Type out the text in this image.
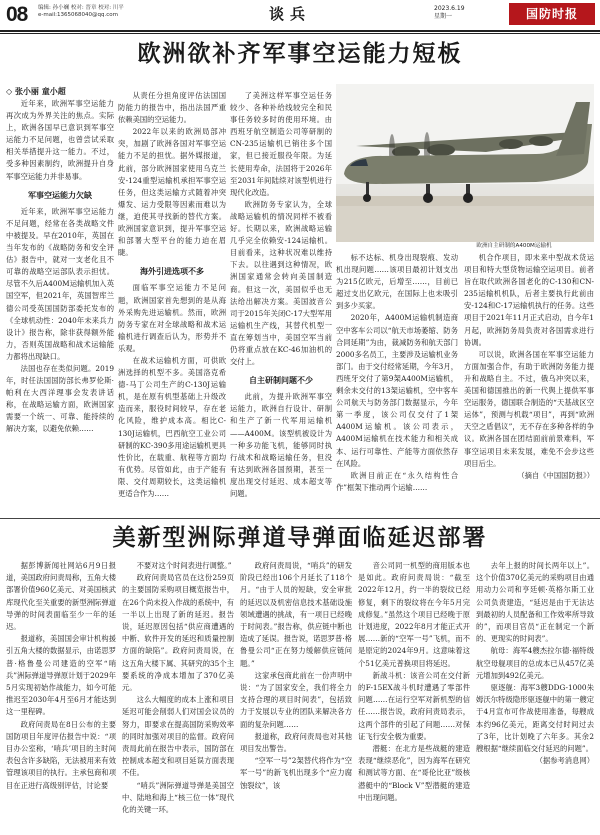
08 编辑: 孙小斓 校对: 晋章 校对: 川平
e-mail:1365068040@qq.com	谈兵	2023.6.19
星期一	国防时报
欧洲欲补齐军事空运能力短板

◇ 张小丽 童小超

近年来，欧洲军事空运能力再次成为外界关注的焦点。实际上，欧洲各国早已意识到军事空运能力不足问题，也曾尝试采取相关举措提升这一能力。不过，受多种因素制约，欧洲提升自身军事空运能力并非易事。

军事空运能力欠缺

近年来，欧洲军事空运能力不足问题，经常在各类战略文件中被提及。早在2010年，英国在当年发布的《战略防务和安全评估》报告中，就对一支老化且不可靠的战略空运部队表示担忧。尽管不久后A400M运输机加入英国空军，但2021年，英国智库兰德公司受英国国防部委托发布的《全球机动性：2040年未来兵力设计》报告称，除非获得额外能力，否则英国战略和战术运输能力都将出现缺口。

法国也存在类似问题。2019年，时任法国国防部长弗罗伦斯·帕利在大西洋理事会发表讲话称，在战略运输方面，欧洲国家需要一个统一、可靠、能持续的解决方案，以避免依赖……

从责任分担角度评估法国国防能力的报告中，指出法国严重依赖美国的空运能力。

2022年以来的欧洲局部冲突，加剧了欧洲各国对军事空运能力不足的担忧。据外媒报道，此前，部分欧洲国家使用乌克兰安-124重型运输机承担军事空运任务，但这类运输方式随着冲突爆发、运力受限等因素而难以为继，迫使其寻找新的替代方案。欧洲国家意识到，提升军事空运和部署大型平台的能力迫在眉睫。

海外引进选项不多

面临军事空运能力不足问题，欧洲国家首先想到的是从海外采购先进运输机。然而，欧洲防务专家在对全球战略和战术运输机进行调查后认为，形势并不乐观。

在战术运输机方面，可供欧洲选择的机型不多。美国洛克希德-马丁公司生产的C-130J运输机，是在原有机型基础上升级改造而来，服役时间较早，存在老化风险，维护成本高。相比C-130J运输机，巴西航空工业公司研制的KC-390多用途运输机更具性价比，在载重、航程等方面均有优势。尽管如此，由于产能有限、交付周期较长，这类运输机更适合作为……

了美洲这样军事空运任务较少、各种补给线较完全和民事任务较多时的使用环境。由西班牙航空制造公司等研制的CN-235运输机已销往多个国家，但已接近服役年限。为延长使用寿命，法国将于2026年至2031年间陆续对该型机进行现代化改造。

欧洲防务专家认为，全球战略运输机的情况同样不被看好。长期以来，欧洲战略运输几乎完全依赖安-124运输机。目前看来，这种状况难以维持下去。以往遇到这种情况，欧洲国家通常会转向美国制造商。但这一次，美国似乎也无法给出解决方案。美国波音公司于2015年关闭C-17大型军用运输机生产线，其替代机型一直在筹划当中，美国空军当前仍将重点放在KC-46加油机的交付上。

自主研制问题不少

此前，为提升欧洲军事空运能力，欧洲自行设计、研制和生产了新一代军用运输机——A400M。该型机被设计为一种多功能飞机，能够同时执行战术和战略运输任务，但没有达到欧洲各国预期，甚至一度出现交付延迟、成本超支等问题。

欧洲自主研制的A400M运输机

标不达标、机身出现裂痕、发动机出现问题……该项目最初计划支出为215亿欧元，后增至……，目前已超过支出亿欧元，在国际上也未吸引到多少买家。

2020年，A400M运输机制造商空中客车公司以“航天市场萎缩、防务合同延期”为由，裁减防务和航天部门2000多名员工，主要涉及运输机业务部门。由于交付经常延期，今年3月，西班牙交付了第9架A400M运输机，剩余未交付的13架运输机，空中客车公司航天与防务部门数据显示，今年第一季度，该公司仅交付了1架A400M运输机。该公司表示，A400M运输机在技术能力和相关成本、运行可靠性、产能等方面依然存在风险。

欧洲目前正在“永久结构性合作”框架下推动两个运输……

机合作项目，即未来中型战术货运项目和特大型货物运输空运项目。前者旨在取代欧洲各国老化的C-130和CN-235运输机机队，后者主要执行此前由安-124和C-17运输机执行的任务。这些项目于2021年11月正式启动，自今年1月起，欧洲防务局负责对各国需求进行协调。

可以说，欧洲各国在军事空运能力方面加强合作，有助于欧洲防务能力提升和战略自主。不过，俄乌冲突以来，美国和德国推出的新一代舆上提供军事空运服务，德国联合制造的“天基战区空运体”，预测与机载“项目”，再到“欧洲天空之盾倡议”，无不存在多种各样的争议。欧洲各国在团结面前前景难料，军事空运项目未来发展，难免不会步这些项目后尘。

（摘自《中国国防报》）

美新型洲际弹道导弹面临延迟部署

据彭博新闻社网站6月9日报道，美国政府问责局称，五角大楼部署价值960亿美元、对美国核武库现代化至关重要的新型洲际弹道导弹的时间表面临至少一年的延迟。

报道称，美国国会审计机构援引五角大楼的数据显示，由诺思罗普·格鲁曼公司建造的空军“哨兵”洲际弹道导弹原计划于2029年5月实现初始作战能力，如今可能推迟至2030年4月至6月才能达到这一里程碑。

政府问责局在8日公布的主要国防项目年度评估报告中说：“项目办公室称，‘哨兵’项目的主时间表包含许多缺陷，无法被用来有效管理该项目的执行。主承包商和项目在正进行高级别评估，讨论要

不要对这个时间表进行调整。”

政府问责局官员在这份259页的主要国防采购项目概览报告中，在26个尚未投入作战的系统中，有一半以上出现了新的延迟。报告说，延迟原因包括“供应商遭遇的中断、软件开发的延迟和质量控制方面的缺陷”。政府问责局说，在这五角大楼下属、其研究的35个主要系统的净成本增加了370亿美元。

这么大幅度的成本上涨和项目延迟可能会削弱人们对国会议员的努力，即要求在提高国防采购效率的同时加强对项目的监督。政府问责局此前在报告中表示，国防部在控制成本超支和项目延误方面表现不佳。

“哨兵”洲际弹道导弹是美国空中、陆地和海上“核三位一体”现代化的关键一环。

政府问责局说，“哨兵”的研发阶段已经出106个月延长了118个月。“由于人员的短缺，安全审批的延迟以及机密信息技术基础设施领域遭遇的挑战，有一项日已经晚于时间表。”报告称，供应链中断也造成了延误。报告说，诺思罗普·格鲁曼公司“正在努力缓解供应链问题。”

这家承包商此前在一份声明中说：“为了国家安全，我们将全力支持合理的项目时间表”，包括致力于发展以专业的团队来解决各方面的复杂问题……

报道称，政府问责局也对其他项目发出警告。

“空军一号”2架替代将作为“空军一号”的新飞机出现多个“应力腐蚀裂纹”，该

音公司同一机型的商用版本也是如此。政府问责局说：“截至2022年12月，约一半的裂纹已经修复，剩下的裂纹将在今年5月完成修复。”虽然这个项目已经晚于原计划进度，2022年8月才能正式开展……新的“空军一号”飞机，而不是原定的2024年9月。这意味着这个51亿美元普换项目将延迟。

新战斗机：该音公司在交付新的F-15EX战斗机时遭遇了零部件问题……在运行空军对新机型的信任……报告说，政府问责局表示，这两个部件的引起了问题……对保证飞行安全极为重要。

潜艇：在北方是些战艇的建造表现“继续恶化”，因为海军在研究和测试等方面、在“哥伦比亚”级核潜艇中的“Block V”型潜艇的建造中出现问题。

去年上报的时间长两年以上”。这个价值370亿美元的采购项目由通用动力公司和亨廷顿·英格尔斯工业公司负责建造，“延迟是由于无法达到最初的人员配备和工作效率所导致的”，而项目官员“正在制定一个新的、更现实的时间表”。

航母：海军4艘杰拉尔德·福特级航空母舰项目的总成本已从457亿美元增加到492亿美元。

驱逐舰：海军3艘DDG-1000朱姆沃尔特级隐形驱逐舰中的第一艘定于4月宣布可作战使用准备，每艘成本约96亿美元，距离交付时间过去了3年，比计划晚了六年多。其余2艘根据“继续面临交付延迟的问题”。

（据参考消息网）
